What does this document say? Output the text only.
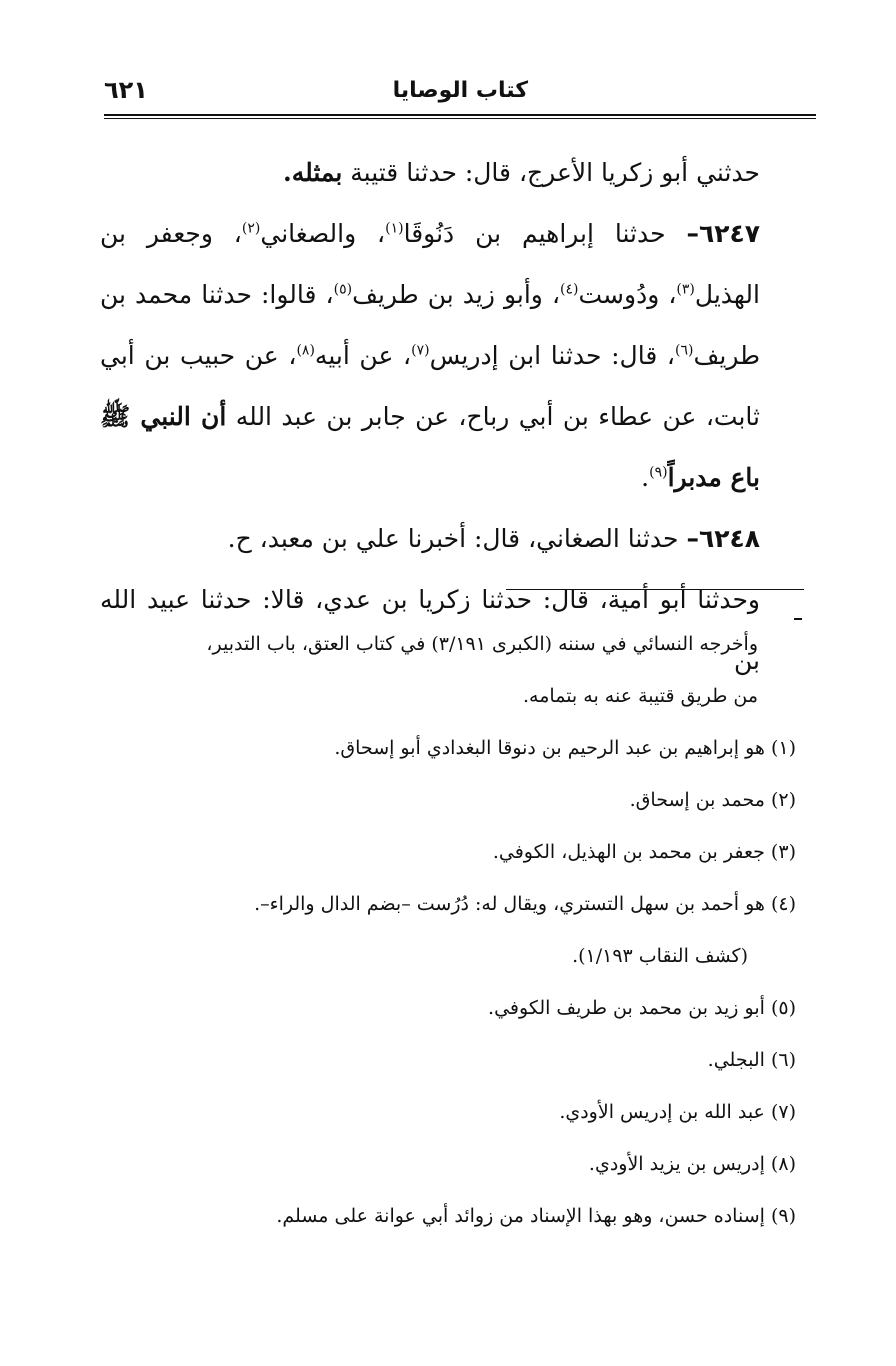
كتاب الوصايا
٦٢١

حدثني أبو زكريا الأعرج، قال: حدثنا قتيبة بمثله.

٦٢٤٧– حدثنا إبراهيم بن دَنُوقَا$^{(١)}$، والصغاني$^{(٢)}$، وجعفر بن الهذيل$^{(٣)}$، ودُوست$^{(٤)}$، وأبو زيد بن طريف$^{(٥)}$، قالوا: حدثنا محمد بن طريف$^{(٦)}$، قال: حدثنا ابن إدريس$^{(٧)}$، عن أبيه$^{(٨)}$، عن حبيب بن أبي ثابت، عن عطاء بن أبي رباح، عن جابر بن عبد الله أن النبي ﷺ باع مدبراً$^{(٩)}$.

٦٢٤٨– حدثنا الصغاني، قال: أخبرنا علي بن معبد، ح.

وحدثنا أبو أمية، قال: حدثنا زكريا بن عدي، قالا: حدثنا عبيد الله بن

وأخرجه النسائي في سننه (الكبرى ٣/١٩١) في كتاب العتق، باب التدبير،

من طريق قتيبة عنه به بتمامه.

(١) هو إبراهيم بن عبد الرحيم بن دنوقا البغدادي أبو إسحاق.

(٢) محمد بن إسحاق.

(٣) جعفر بن محمد بن الهذيل، الكوفي.

(٤) هو أحمد بن سهل التستري، ويقال له: دُرُست –بضم الدال والراء–.

(كشف النقاب ١/١٩٣).

(٥) أبو زيد بن محمد بن طريف الكوفي.

(٦) البجلي.

(٧) عبد الله بن إدريس الأودي.

(٨) إدريس بن يزيد الأودي.

(٩) إسناده حسن، وهو بهذا الإسناد من زوائد أبي عوانة على مسلم.
